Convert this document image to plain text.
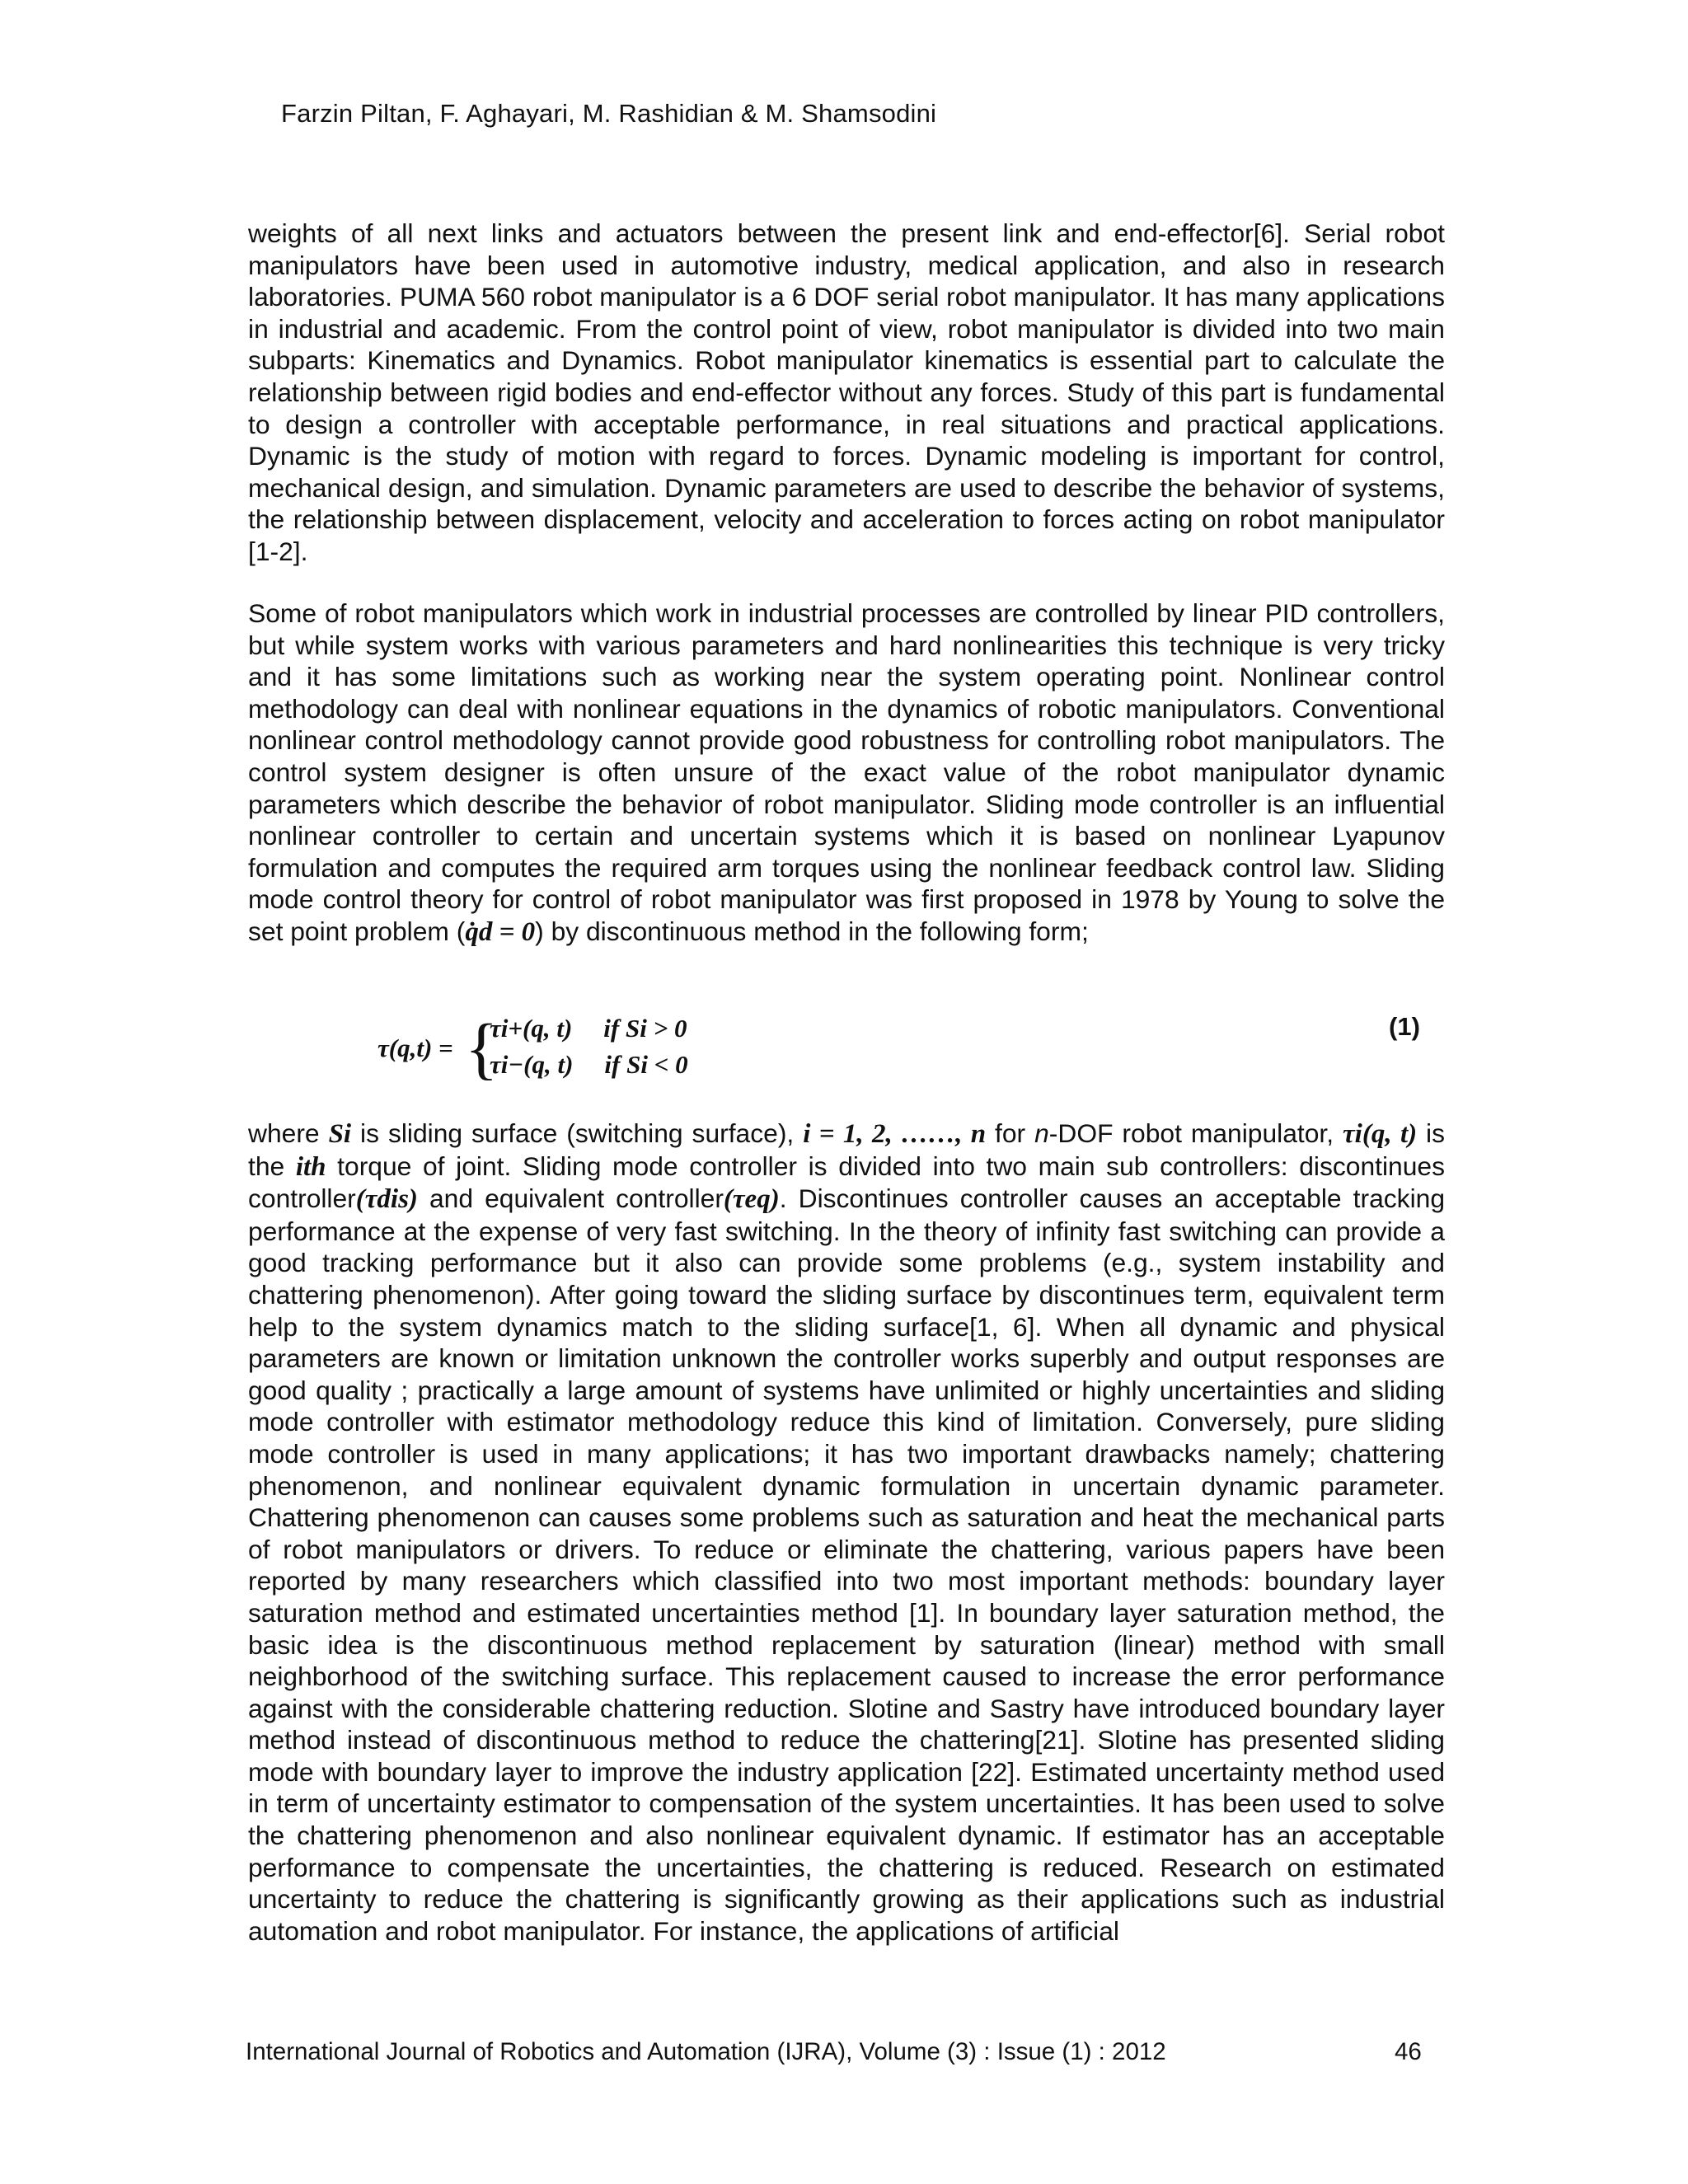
Farzin Piltan, F. Aghayari, M. Rashidian & M. Shamsodini

weights of all next links and actuators between the present link and end-effector[6]. Serial robot manipulators have been used in automotive industry, medical application, and also in research laboratories. PUMA 560 robot manipulator is a 6 DOF serial robot manipulator. It has many applications in industrial and academic. From the control point of view, robot manipulator is divided into two main subparts: Kinematics and Dynamics. Robot manipulator kinematics is essential part to calculate the relationship between rigid bodies and end-effector without any forces. Study of this part is fundamental to design a controller with acceptable performance, in real situations and practical applications. Dynamic is the study of motion with regard to forces. Dynamic modeling is important for control, mechanical design, and simulation. Dynamic parameters are used to describe the behavior of systems, the relationship between displacement, velocity and acceleration to forces acting on robot manipulator [1-2].

Some of robot manipulators which work in industrial processes are controlled by linear PID controllers, but while system works with various parameters and hard nonlinearities this technique is very tricky and it has some limitations such as working near the system operating point. Nonlinear control methodology can deal with nonlinear equations in the dynamics of robotic manipulators. Conventional nonlinear control methodology cannot provide good robustness for controlling robot manipulators. The control system designer is often unsure of the exact value of the robot manipulator dynamic parameters which describe the behavior of robot manipulator. Sliding mode controller is an influential nonlinear controller to certain and uncertain systems which it is based on nonlinear Lyapunov formulation and computes the required arm torques using the nonlinear feedback control law. Sliding mode control theory for control of robot manipulator was first proposed in 1978 by Young to solve the set point problem (q̇d = 0) by discontinuous method in the following form;

τ(q,t) = {
τi+(q, t) if Si > 0
τi−(q, t) if Si < 0
(1)

where Si is sliding surface (switching surface), i = 1, 2, ……, n for n-DOF robot manipulator, τi(q, t) is the ith torque of joint. Sliding mode controller is divided into two main sub controllers: discontinues controller(τdis) and equivalent controller(τeq). Discontinues controller causes an acceptable tracking performance at the expense of very fast switching. In the theory of infinity fast switching can provide a good tracking performance but it also can provide some problems (e.g., system instability and chattering phenomenon). After going toward the sliding surface by discontinues term, equivalent term help to the system dynamics match to the sliding surface[1, 6]. When all dynamic and physical parameters are known or limitation unknown the controller works superbly and output responses are good quality ; practically a large amount of systems have unlimited or highly uncertainties and sliding mode controller with estimator methodology reduce this kind of limitation. Conversely, pure sliding mode controller is used in many applications; it has two important drawbacks namely; chattering phenomenon, and nonlinear equivalent dynamic formulation in uncertain dynamic parameter. Chattering phenomenon can causes some problems such as saturation and heat the mechanical parts of robot manipulators or drivers. To reduce or eliminate the chattering, various papers have been reported by many researchers which classified into two most important methods: boundary layer saturation method and estimated uncertainties method [1]. In boundary layer saturation method, the basic idea is the discontinuous method replacement by saturation (linear) method with small neighborhood of the switching surface. This replacement caused to increase the error performance against with the considerable chattering reduction. Slotine and Sastry have introduced boundary layer method instead of discontinuous method to reduce the chattering[21]. Slotine has presented sliding mode with boundary layer to improve the industry application [22]. Estimated uncertainty method used in term of uncertainty estimator to compensation of the system uncertainties. It has been used to solve the chattering phenomenon and also nonlinear equivalent dynamic. If estimator has an acceptable performance to compensate the uncertainties, the chattering is reduced. Research on estimated uncertainty to reduce the chattering is significantly growing as their applications such as industrial automation and robot manipulator. For instance, the applications of artificial

International Journal of Robotics and Automation (IJRA), Volume (3) : Issue (1) : 2012	46
